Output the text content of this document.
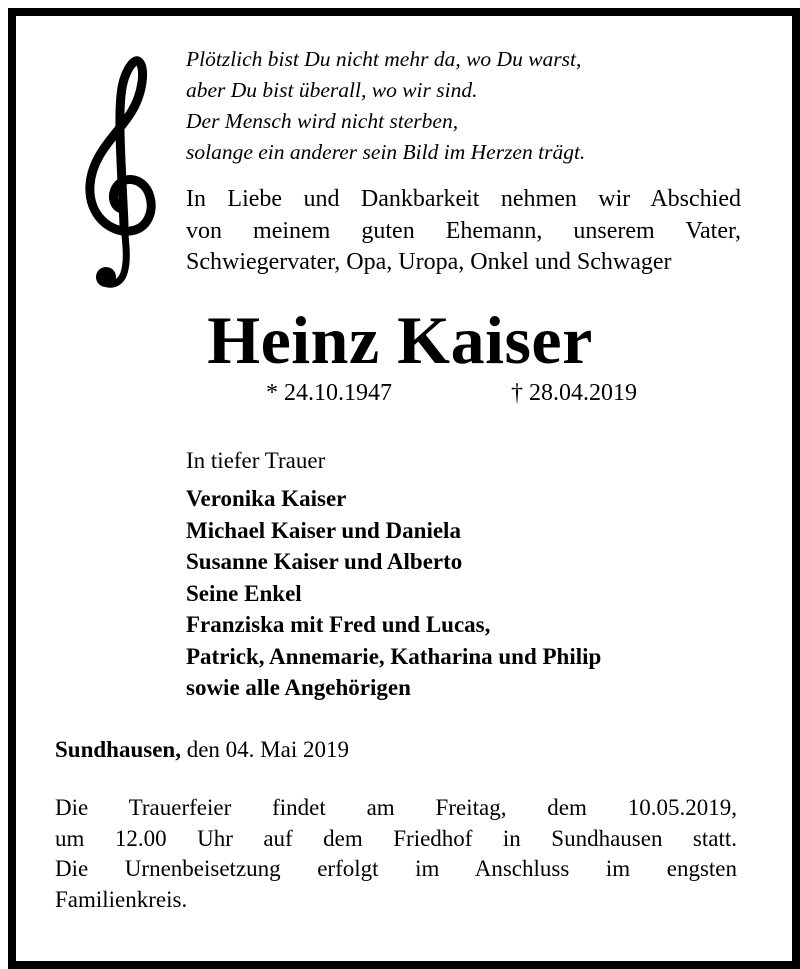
Plötzlich bist Du nicht mehr da, wo Du warst,
aber Du bist überall, wo wir sind.
Der Mensch wird nicht sterben,
solange ein anderer sein Bild im Herzen trägt.
In Liebe und Dankbarkeit nehmen wir Abschied
von meinem guten Ehemann, unserem Vater,
Schwiegervater, Opa, Uropa, Onkel und Schwager
Heinz Kaiser
* 24.10.1947	† 28.04.2019
In tiefer Trauer
Veronika Kaiser
Michael Kaiser und Daniela
Susanne Kaiser und Alberto
Seine Enkel
Franziska mit Fred und Lucas,
Patrick, Annemarie, Katharina und Philip
sowie alle Angehörigen
Sundhausen, den 04. Mai 2019
Die Trauerfeier findet am Freitag, dem 10.05.2019,
um 12.00 Uhr auf dem Friedhof in Sundhausen statt.
Die Urnenbeisetzung erfolgt im Anschluss im engsten
Familienkreis.
